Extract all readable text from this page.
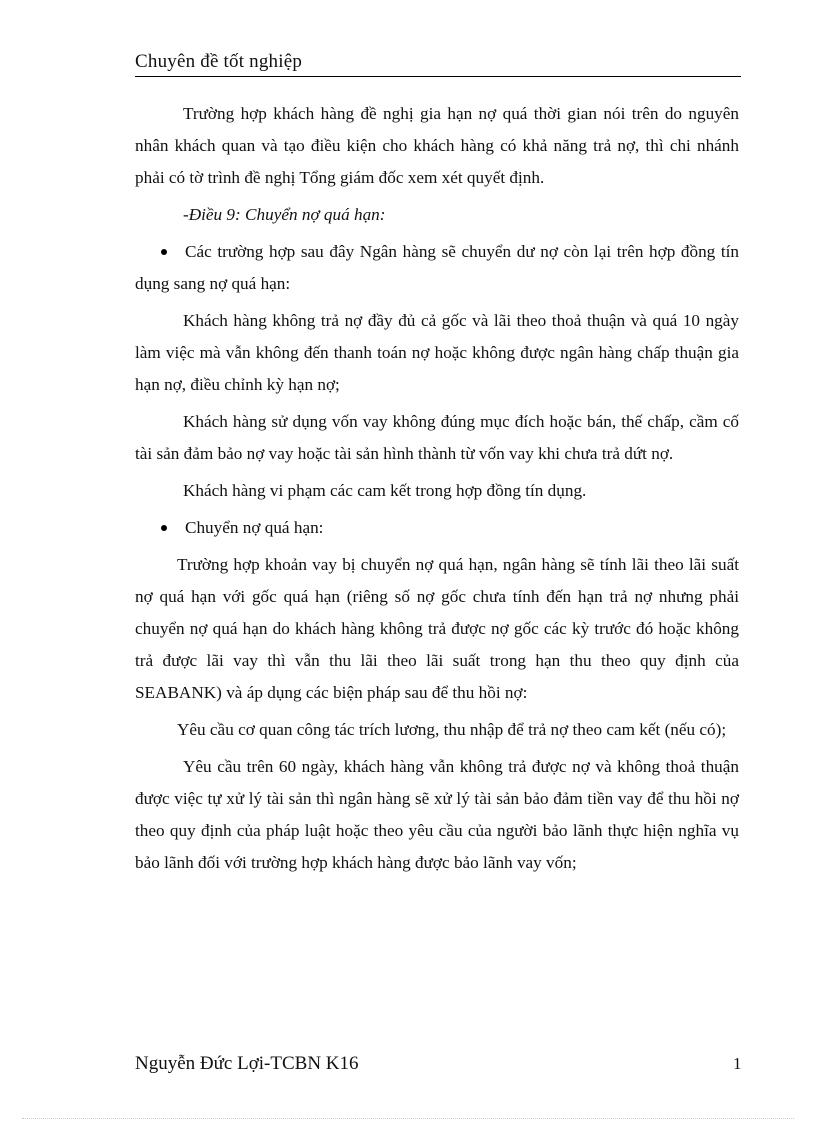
Chuyên đề tốt nghiệp

Trường hợp khách hàng đề nghị gia hạn nợ quá thời gian nói trên do nguyên nhân khách quan và tạo điều kiện cho khách hàng có khả năng trả nợ, thì chi nhánh phải có tờ trình đề nghị Tổng giám đốc xem xét quyết định.

-Điều 9: Chuyển nợ quá hạn:

Các trường hợp sau đây Ngân hàng sẽ chuyển dư nợ còn lại trên hợp đồng tín dụng sang nợ quá hạn:

Khách hàng không trả nợ đầy đủ cả gốc và lãi theo thoả thuận và quá 10 ngày làm việc mà vẫn không đến thanh toán nợ hoặc không được ngân hàng chấp thuận gia hạn nợ, điều chỉnh kỳ hạn nợ;

Khách hàng sử dụng vốn vay không đúng mục đích hoặc bán, thế chấp, cầm cố tài sản đảm bảo nợ vay hoặc tài sản hình thành từ vốn vay khi chưa trả dứt nợ.

Khách hàng vi phạm các cam kết trong hợp đồng tín dụng.

Chuyển nợ quá hạn:

Trường hợp khoản vay bị chuyển nợ quá hạn, ngân hàng sẽ tính lãi theo lãi suất nợ quá hạn với gốc quá hạn (riêng số nợ gốc chưa tính đến hạn trả nợ nhưng phải chuyển nợ quá hạn do khách hàng không trả được nợ gốc các kỳ trước đó hoặc không trả được lãi vay thì vẫn thu lãi theo lãi suất trong hạn thu theo quy định của SEABANK) và áp dụng các biện pháp sau để thu hồi nợ:

Yêu cầu cơ quan công tác trích lương, thu nhập để trả nợ theo cam kết (nếu có);

Yêu cầu trên 60 ngày, khách hàng vẫn không trả được nợ và không thoả thuận được việc tự xử lý tài sản thì ngân hàng sẽ xử lý tài sản bảo đảm tiền vay để thu hồi nợ theo quy định của pháp luật hoặc theo yêu cầu của người bảo lãnh thực hiện nghĩa vụ bảo lãnh đối với trường hợp khách hàng được bảo lãnh vay vốn;

Nguyễn Đức Lợi-TCBN K16	1
